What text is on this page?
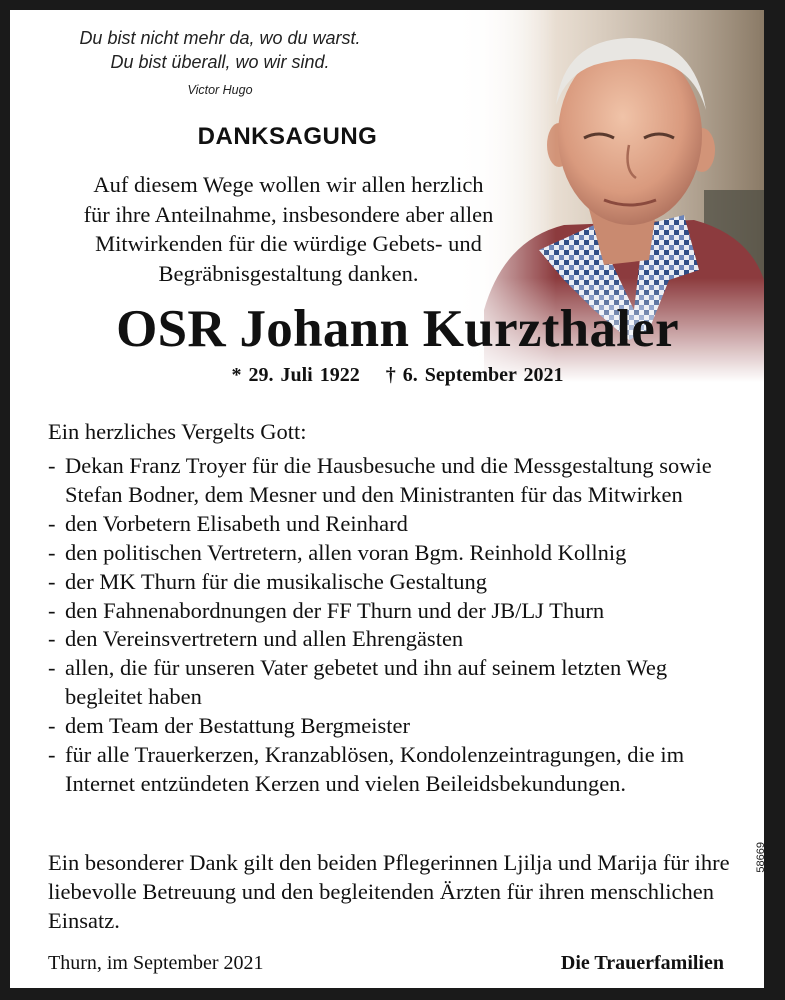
Du bist nicht mehr da, wo du warst.
Du bist überall, wo wir sind.
Victor Hugo
DANKSAGUNG
Auf diesem Wege wollen wir allen herzlich
für ihre Anteilnahme, insbesondere aber allen
Mitwirkenden für die würdige Gebets- und
Begräbnisgestaltung danken.
OSR Johann Kurzthaler
* 29. Juli 1922 † 6. September 2021
Ein herzliches Vergelts Gott:
- Dekan Franz Troyer für die Hausbesuche und die Messgestaltung sowie Stefan Bodner, dem Mesner und den Ministranten für das Mitwirken
- den Vorbetern Elisabeth und Reinhard
- den politischen Vertretern, allen voran Bgm. Reinhold Kollnig
- der MK Thurn für die musikalische Gestaltung
- den Fahnenabordnungen der FF Thurn und der JB/LJ Thurn
- den Vereinsvertretern und allen Ehrengästen
- allen, die für unseren Vater gebetet und ihn auf seinem letzten Weg begleitet haben
- dem Team der Bestattung Bergmeister
- für alle Trauerkerzen, Kranzablösen, Kondolenzeintragungen, die im Internet entzündeten Kerzen und vielen Beileidsbekundungen.
Ein besonderer Dank gilt den beiden Pflegerinnen Ljilja und Marija für ihre liebevolle Betreuung und den begleitenden Ärzten für ihren menschlichen Einsatz.
Thurn, im September 2021	Die Trauerfamilien
58669
